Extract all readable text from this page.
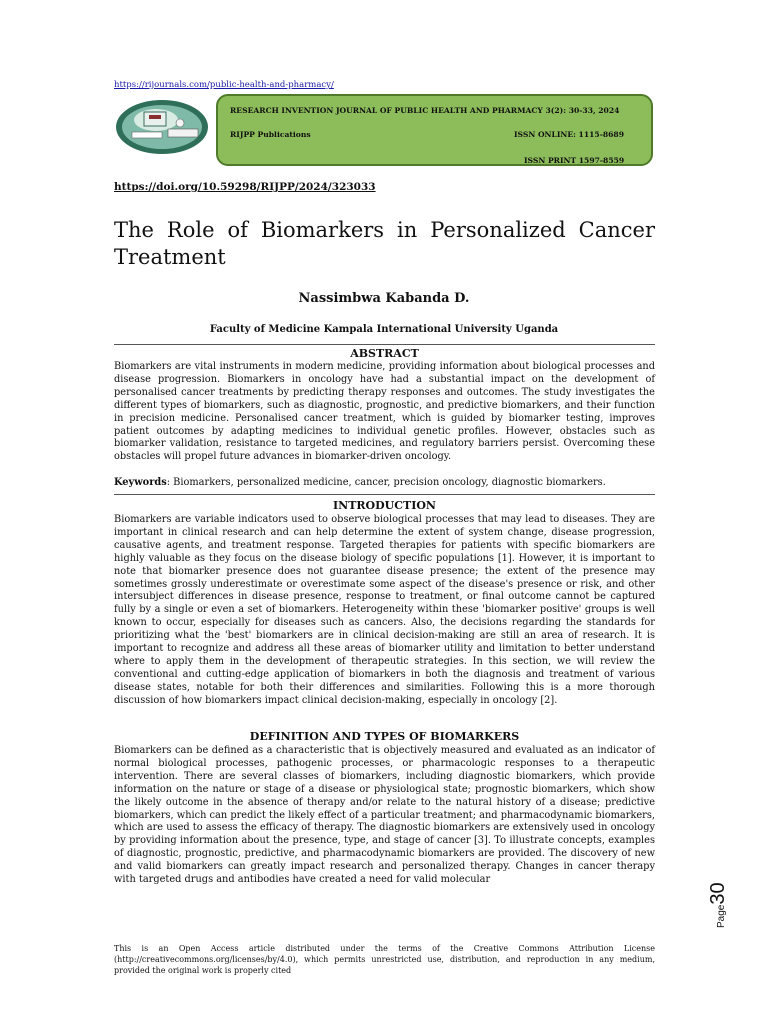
https://rijournals.com/public-health-and-pharmacy/
RESEARCH INVENTION JOURNAL OF PUBLIC HEALTH AND PHARMACY 3(2): 30-33, 2024
RIJPP Publications	ISSN ONLINE: 1115-8689
ISSN PRINT 1597-8559
https://doi.org/10.59298/RIJPP/2024/323033
The Role of Biomarkers in Personalized Cancer Treatment
Nassimbwa Kabanda D.
Faculty of Medicine Kampala International University Uganda
ABSTRACT
Biomarkers are vital instruments in modern medicine, providing information about biological processes and disease progression. Biomarkers in oncology have had a substantial impact on the development of personalised cancer treatments by predicting therapy responses and outcomes. The study investigates the different types of biomarkers, such as diagnostic, prognostic, and predictive biomarkers, and their function in precision medicine. Personalised cancer treatment, which is guided by biomarker testing, improves patient outcomes by adapting medicines to individual genetic profiles. However, obstacles such as biomarker validation, resistance to targeted medicines, and regulatory barriers persist. Overcoming these obstacles will propel future advances in biomarker-driven oncology.
Keywords: Biomarkers, personalized medicine, cancer, precision oncology, diagnostic biomarkers.
INTRODUCTION
Biomarkers are variable indicators used to observe biological processes that may lead to diseases. They are important in clinical research and can help determine the extent of system change, disease progression, causative agents, and treatment response. Targeted therapies for patients with specific biomarkers are highly valuable as they focus on the disease biology of specific populations [1]. However, it is important to note that biomarker presence does not guarantee disease presence; the extent of the presence may sometimes grossly underestimate or overestimate some aspect of the disease's presence or risk, and other intersubject differences in disease presence, response to treatment, or final outcome cannot be captured fully by a single or even a set of biomarkers. Heterogeneity within these 'biomarker positive' groups is well known to occur, especially for diseases such as cancers. Also, the decisions regarding the standards for prioritizing what the 'best' biomarkers are in clinical decision-making are still an area of research. It is important to recognize and address all these areas of biomarker utility and limitation to better understand where to apply them in the development of therapeutic strategies. In this section, we will review the conventional and cutting-edge application of biomarkers in both the diagnosis and treatment of various disease states, notable for both their differences and similarities. Following this is a more thorough discussion of how biomarkers impact clinical decision-making, especially in oncology [2].
DEFINITION AND TYPES OF BIOMARKERS
Biomarkers can be defined as a characteristic that is objectively measured and evaluated as an indicator of normal biological processes, pathogenic processes, or pharmacologic responses to a therapeutic intervention. There are several classes of biomarkers, including diagnostic biomarkers, which provide information on the nature or stage of a disease or physiological state; prognostic biomarkers, which show the likely outcome in the absence of therapy and/or relate to the natural history of a disease; predictive biomarkers, which can predict the likely effect of a particular treatment; and pharmacodynamic biomarkers, which are used to assess the efficacy of therapy. The diagnostic biomarkers are extensively used in oncology by providing information about the presence, type, and stage of cancer [3]. To illustrate concepts, examples of diagnostic, prognostic, predictive, and pharmacodynamic biomarkers are provided. The discovery of new and valid biomarkers can greatly impact research and personalized therapy. Changes in cancer therapy with targeted drugs and antibodies have created a need for valid molecular
Page30
This is an Open Access article distributed under the terms of the Creative Commons Attribution License (http://creativecommons.org/licenses/by/4.0), which permits unrestricted use, distribution, and reproduction in any medium, provided the original work is properly cited
